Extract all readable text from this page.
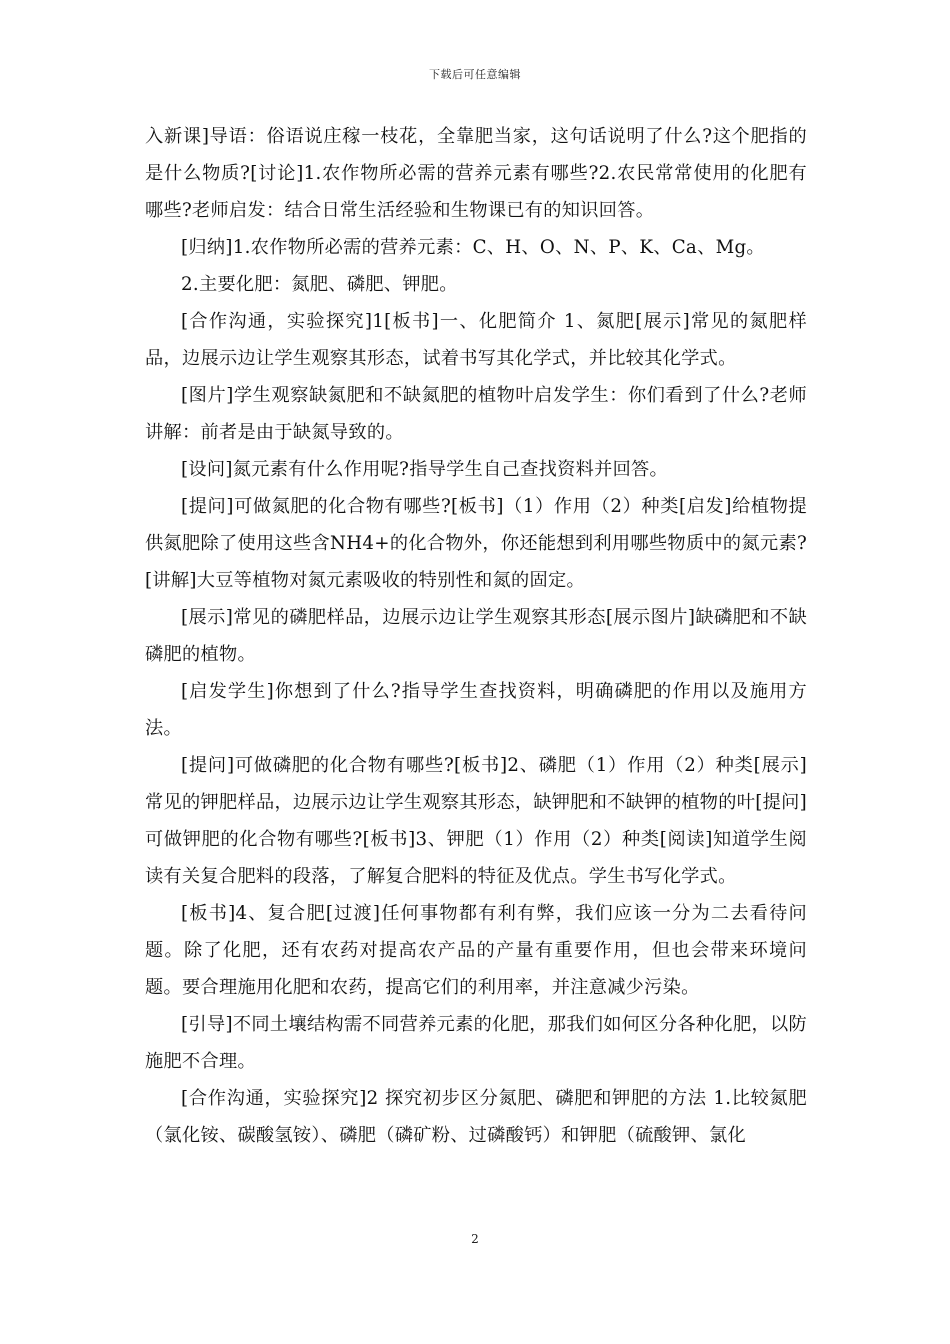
下载后可任意编辑

入新课]导语：俗语说庄稼一枝花，全靠肥当家，这句话说明了什么?这个肥指的是什么物质?[讨论]1.农作物所必需的营养元素有哪些?2.农民常常使用的化肥有哪些?老师启发：结合日常生活经验和生物课已有的知识回答。

[归纳]1.农作物所必需的营养元素：C、H、O、N、P、K、Ca、Mg。

2.主要化肥：氮肥、磷肥、钾肥。

[合作沟通，实验探究]1[板书]一、化肥简介 1、氮肥[展示]常见的氮肥样品，边展示边让学生观察其形态，试着书写其化学式，并比较其化学式。

[图片]学生观察缺氮肥和不缺氮肥的植物叶启发学生：你们看到了什么?老师讲解：前者是由于缺氮导致的。

[设问]氮元素有什么作用呢?指导学生自己查找资料并回答。

[提问]可做氮肥的化合物有哪些?[板书]（1）作用（2）种类[启发]给植物提供氮肥除了使用这些含NH4+的化合物外，你还能想到利用哪些物质中的氮元素?[讲解]大豆等植物对氮元素吸收的特别性和氮的固定。

[展示]常见的磷肥样品，边展示边让学生观察其形态[展示图片]缺磷肥和不缺磷肥的植物。

[启发学生]你想到了什么?指导学生查找资料，明确磷肥的作用以及施用方法。

[提问]可做磷肥的化合物有哪些?[板书]2、磷肥（1）作用（2）种类[展示]常见的钾肥样品，边展示边让学生观察其形态，缺钾肥和不缺钾的植物的叶[提问]可做钾肥的化合物有哪些?[板书]3、钾肥（1）作用（2）种类[阅读]知道学生阅读有关复合肥料的段落，了解复合肥料的特征及优点。学生书写化学式。

[板书]4、复合肥[过渡]任何事物都有利有弊，我们应该一分为二去看待问题。除了化肥，还有农药对提高农产品的产量有重要作用，但也会带来环境问题。要合理施用化肥和农药，提高它们的利用率，并注意减少污染。

[引导]不同土壤结构需不同营养元素的化肥，那我们如何区分各种化肥，以防施肥不合理。

[合作沟通，实验探究]2 探究初步区分氮肥、磷肥和钾肥的方法 1.比较氮肥（氯化铵、碳酸氢铵）、磷肥（磷矿粉、过磷酸钙）和钾肥（硫酸钾、氯化

2
